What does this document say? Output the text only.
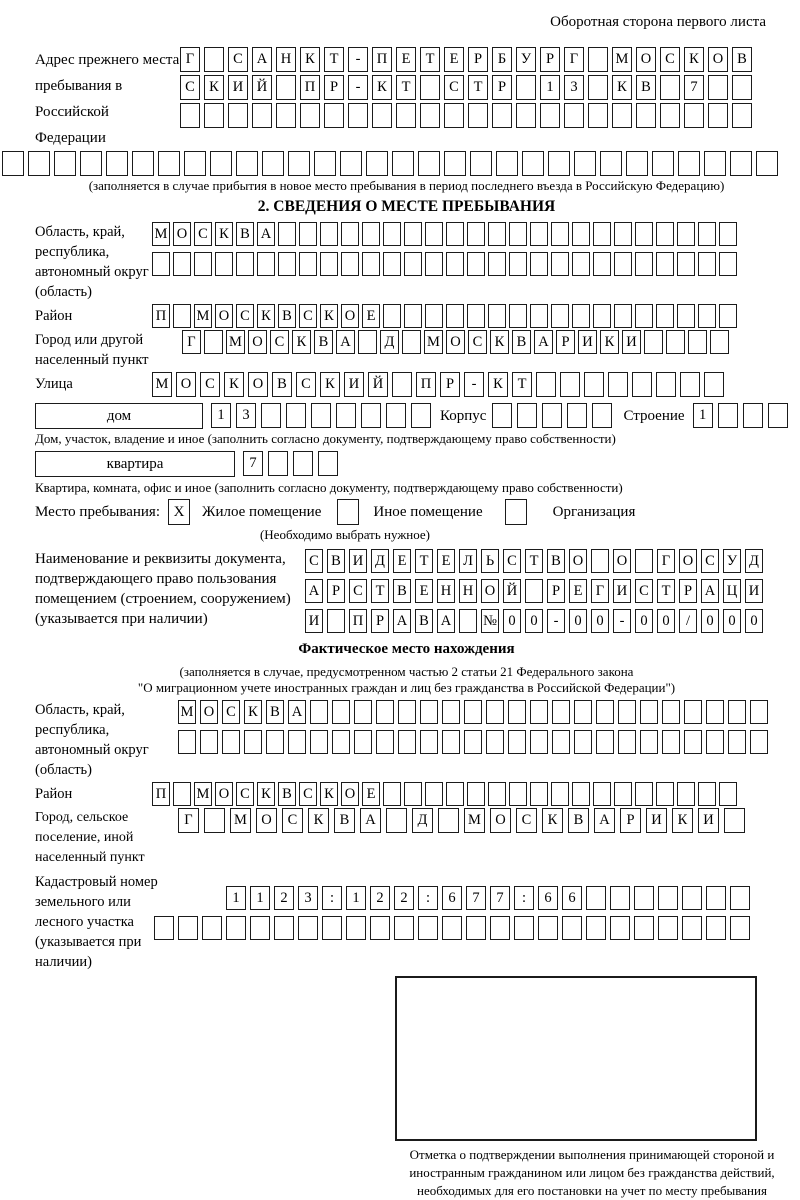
Оборотная сторона первого листа
Адрес прежнего места пребывания в Российской Федерации
Г	С А Н К	Т	-	П Е	Т	Е	Р	Б	У	Р	Г	М О С К О В
С К И Й	П	Р	-	К	Т	С	Т	Р	1	3	К В	7
(заполняется в случае прибытия в новое место пребывания в период последнего въезда в Российскую Федерацию)
2. СВЕДЕНИЯ О МЕСТЕ ПРЕБЫВАНИЯ
Область, край, республика, автономный округ (область)
М О С К В А
Район	П М О С К В С К О Е
Город или другой населенный пункт
Г	М О С К В А	Д	М О С К В А Р И К И
Улица	М О С К О В С К И Й	П	Р	-	К	Т
дом	1	3	Корпус	Строение 1
Дом, участок, владение и иное (заполнить согласно документу, подтверждающему право собственности)
квартира	7
Квартира, комната, офис и иное (заполнить согласно документу, подтверждающему право собственности)
Место пребывания: X	Жилое помещение	Иное помещение	Организация
(Необходимо выбрать нужное)
Наименование и реквизиты документа, подтверждающего право пользования помещением (строением, сооружением) (указывается при наличии)
С В И Д Е Т Е Л Ь С Т В О О	Г О С У Д
А Р С Т В Е Н Н О Й	Р Е Г И С Т Р А Ц И
И П Р А В А № 0	0	-	0	0	-	0	0	/	0	0	0
Фактическое место нахождения
(заполняется в случае, предусмотренном частью 2 статьи 21 Федерального закона
"О миграционном учете иностранных граждан и лиц без гражданства в Российской Федерации")
Область, край, республика, автономный округ (область)
М О С К В А
Район	П М О С К В С К О Е
Город, сельское поселение, иной населенный пункт
Г	М О	С	К	В	А	Д	М О	С	К	В	А	Р	И	К	И
Кадастровый номер земельного или лесного участка (указывается при наличии)
1	1	2	3	:	1	2	2	:	6	7	7	:	6	6
Отметка о подтверждении выполнения принимающей стороной и иностранным гражданином или лицом без гражданства действий, необходимых для его постановки на учет по месту пребывания
